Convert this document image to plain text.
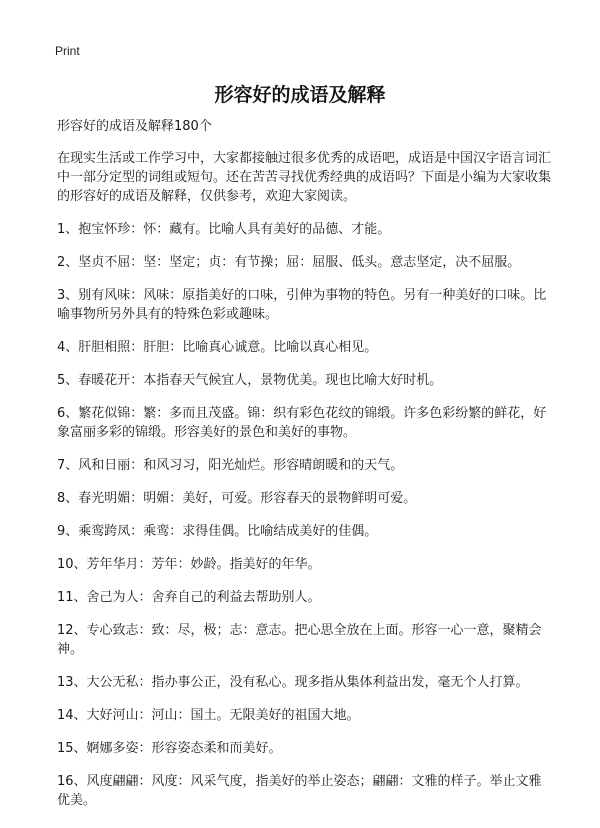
Print
形容好的成语及解释

形容好的成语及解释180个

在现实生活或工作学习中，大家都接触过很多优秀的成语吧，成语是中国汉字语言词汇中一部分定型的词组或短句。还在苦苦寻找优秀经典的成语吗？下面是小编为大家收集的形容好的成语及解释，仅供参考，欢迎大家阅读。

1、抱宝怀珍：怀：藏有。比喻人具有美好的品德、才能。
2、坚贞不屈：坚：坚定；贞：有节操；屈：屈服、低头。意志坚定，决不屈服。
3、别有风味：风味：原指美好的口味，引伸为事物的特色。另有一种美好的口味。比喻事物所另外具有的特殊色彩或趣味。
4、肝胆相照：肝胆：比喻真心诚意。比喻以真心相见。
5、春暖花开：本指春天气候宜人，景物优美。现也比喻大好时机。
6、繁花似锦：繁：多而且茂盛。锦：织有彩色花纹的锦缎。许多色彩纷繁的鲜花，好象富丽多彩的锦缎。形容美好的景色和美好的事物。
7、风和日丽：和风习习，阳光灿烂。形容晴朗暖和的天气。
8、春光明媚：明媚：美好，可爱。形容春天的景物鲜明可爱。
9、乘鸾跨凤：乘鸾：求得佳偶。比喻结成美好的佳偶。
10、芳年华月：芳年：妙龄。指美好的年华。
11、舍己为人：舍弃自己的利益去帮助别人。
12、专心致志：致：尽，极；志：意志。把心思全放在上面。形容一心一意，聚精会神。
13、大公无私：指办事公正，没有私心。现多指从集体利益出发，毫无个人打算。
14、大好河山：河山：国土。无限美好的祖国大地。
15、婀娜多姿：形容姿态柔和而美好。
16、风度翩翩：风度：风采气度，指美好的举止姿态；翩翩：文雅的样子。举止文雅优美。
